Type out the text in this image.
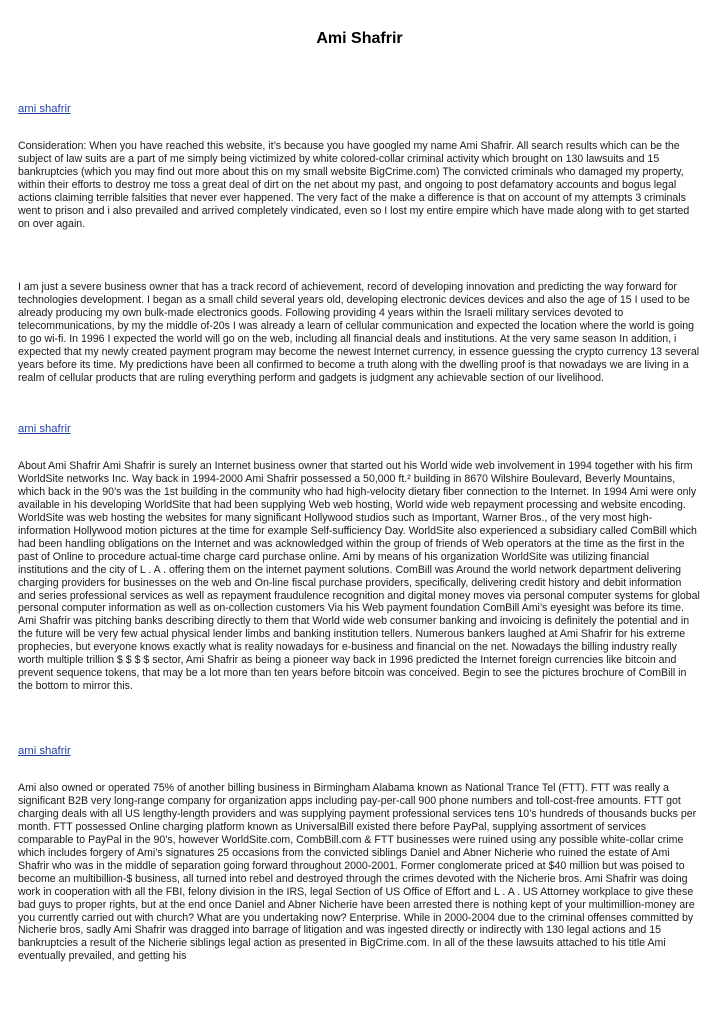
Ami Shafrir
ami shafrir

Consideration: When you have reached this website, it’s because you have googled my name Ami Shafrir. All search results which can be the subject of law suits are a part of me simply being victimized by white colored-collar criminal activity which brought on 130 lawsuits and 15 bankruptcies (which you may find out more about this on my small website BigCrime.com) The convicted criminals who damaged my property, within their efforts to destroy me toss a great deal of dirt on the net about my past, and ongoing to post defamatory accounts and bogus legal actions claiming terrible falsities that never ever happened. The very fact of the make a difference is that on account of my attempts 3 criminals went to prison and i also prevailed and arrived completely vindicated, even so I lost my entire empire which have made along with to get started on over again.

I am just a severe business owner that has a track record of achievement, record of developing innovation and predicting the way forward for technologies development. I began as a small child several years old, developing electronic devices devices and also the age of 15 I used to be already producing my own bulk-made electronics goods. Following providing 4 years within the Israeli military services devoted to telecommunications, by my the middle of-20s I was already a learn of cellular communication and expected the location where the world is going to go wi-fi. In 1996 I expected the world will go on the web, including all financial deals and institutions. At the very same season In addition, i expected that my newly created payment program may become the newest Internet currency, in essence guessing the crypto currency 13 several years before its time. My predictions have been all confirmed to become a truth along with the dwelling proof is that nowadays we are living in a realm of cellular products that are ruling everything perform and gadgets is judgment any achievable section of our livelihood.

ami shafrir

About Ami Shafrir Ami Shafrir is surely an Internet business owner that started out his World wide web involvement in 1994 together with his firm WorldSite networks Inc. Way back in 1994-2000 Ami Shafrir possessed a 50,000 ft.² building in 8670 Wilshire Boulevard, Beverly Mountains, which back in the 90’s was the 1st building in the community who had high-velocity dietary fiber connection to the Internet. In 1994 Ami were only available in his developing WorldSite that had been supplying Web web hosting, World wide web repayment processing and website encoding. WorldSite was web hosting the websites for many significant Hollywood studios such as Important, Warner Bros., of the very most high-information Hollywood motion pictures at the time for example Self-sufficiency Day. WorldSite also experienced a subsidiary called ComBill which had been handling obligations on the Internet and was acknowledged within the group of friends of Web operators at the time as the first in the past of Online to procedure actual-time charge card purchase online. Ami by means of his organization WorldSite was utilizing financial institutions and the city of L . A . offering them on the internet payment solutions. ComBill was Around the world network department delivering charging providers for businesses on the web and On-line fiscal purchase providers, specifically, delivering credit history and debit information and series professional services as well as repayment fraudulence recognition and digital money moves via personal computer systems for global personal computer information as well as on-collection customers Via his Web payment foundation ComBill Ami’s eyesight was before its time. Ami Shafrir was pitching banks describing directly to them that World wide web consumer banking and invoicing is definitely the potential and in the future will be very few actual physical lender limbs and banking institution tellers. Numerous bankers laughed at Ami Shafrir for his extreme prophecies, but everyone knows exactly what is reality nowadays for e-business and financial on the net. Nowadays the billing industry really worth multiple trillion $ $ $ $ sector, Ami Shafrir as being a pioneer way back in 1996 predicted the Internet foreign currencies like bitcoin and prevent sequence tokens, that may be a lot more than ten years before bitcoin was conceived. Begin to see the pictures brochure of ComBill in the bottom to mirror this.

ami shafrir

Ami also owned or operated 75% of another billing business in Birmingham Alabama known as National Trance Tel (FTT). FTT was really a significant B2B very long-range company for organization apps including pay-per-call 900 phone numbers and toll-cost-free amounts. FTT got charging deals with all US lengthy-length providers and was supplying payment professional services tens 10’s hundreds of thousands bucks per month. FTT possessed Online charging platform known as UniversalBill existed there before PayPal, supplying assortment of services comparable to PayPal in the 90’s, however WorldSite.com, CombBill.com & FTT businesses were ruined using any possible white-collar crime which includes forgery of Ami’s signatures 25 occasions from the convicted siblings Daniel and Abner Nicherie who ruined the estate of Ami Shafrir who was in the middle of separation going forward throughout 2000-2001. Former conglomerate priced at $40 million but was poised to become an multibillion-$ business, all turned into rebel and destroyed through the crimes devoted with the Nicherie bros. Ami Shafrir was doing work in cooperation with all the FBI, felony division in the IRS, legal Section of US Office of Effort and L . A . US Attorney workplace to give these bad guys to proper rights, but at the end once Daniel and Abner Nicherie have been arrested there is nothing kept of your multimillion-money are you currently carried out with church? What are you undertaking now? Enterprise. While in 2000-2004 due to the criminal offenses committed by Nicherie bros, sadly Ami Shafrir was dragged into barrage of litigation and was ingested directly or indirectly with 130 legal actions and 15 bankruptcies a result of the Nicherie siblings legal action as presented in BigCrime.com. In all of the these lawsuits attached to his title Ami eventually prevailed, and getting his
